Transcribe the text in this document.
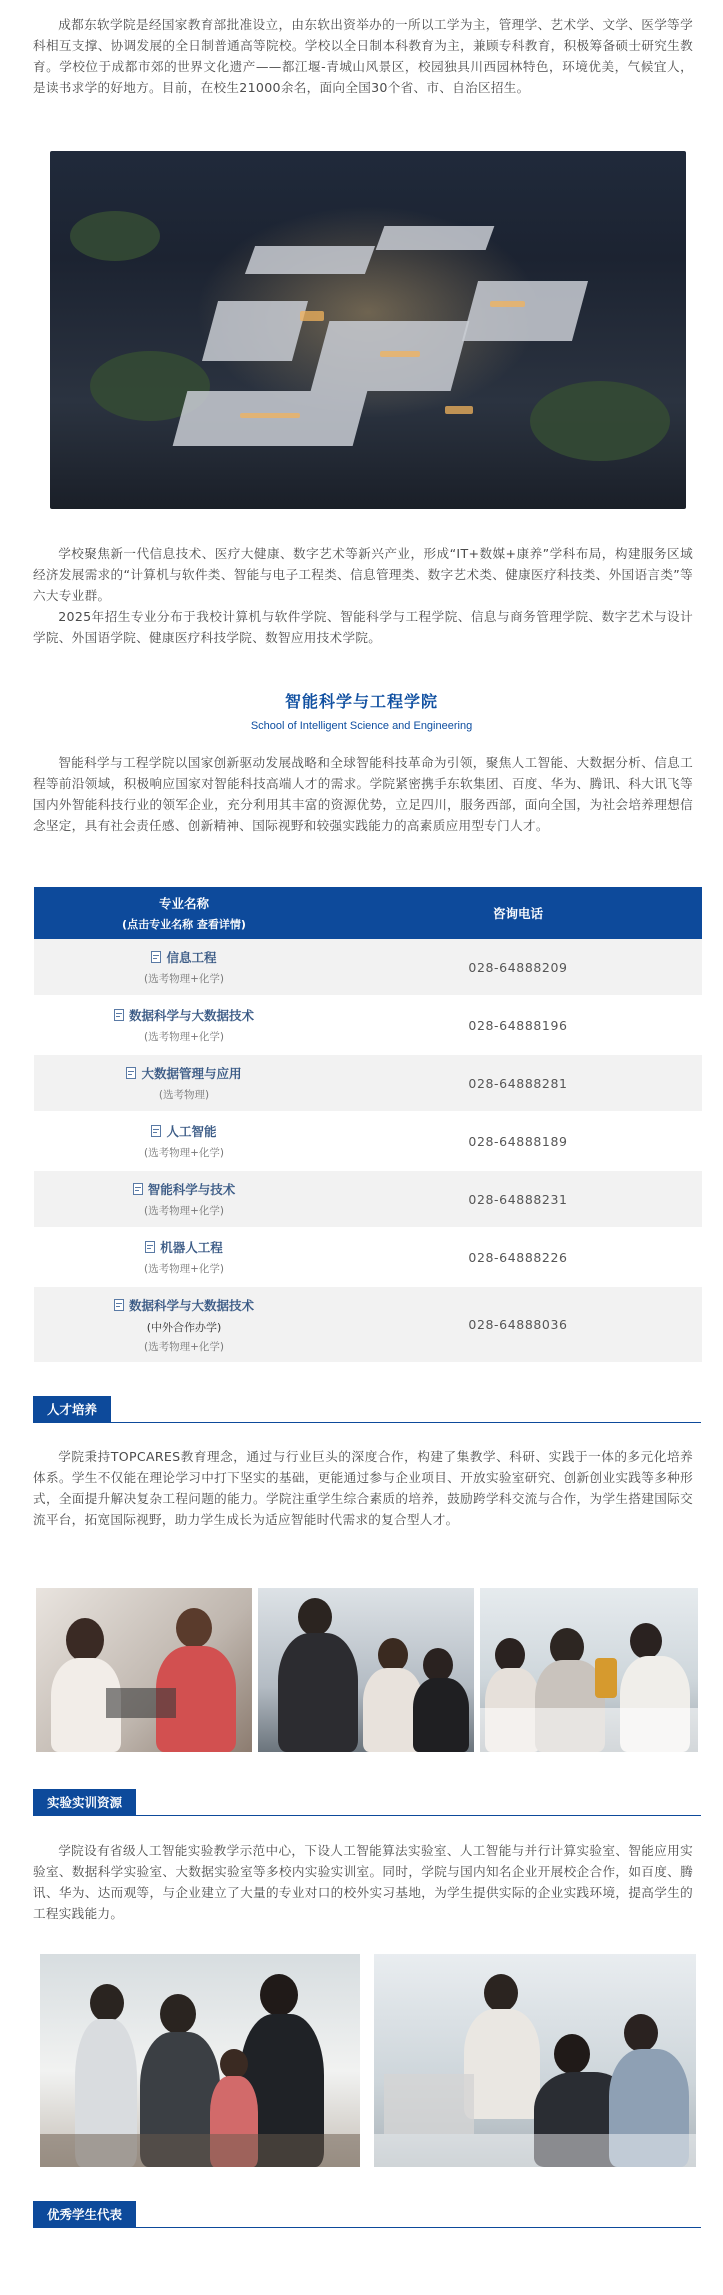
成都东软学院是经国家教育部批准设立，由东软出资举办的一所以工学为主，管理学、艺术学、文学、医学等学科相互支撑、协调发展的全日制普通高等院校。学校以全日制本科教育为主，兼顾专科教育，积极筹备硕士研究生教育。学校位于成都市郊的世界文化遗产——都江堰-青城山风景区，校园独具川西园林特色，环境优美，气候宜人，是读书求学的好地方。目前，在校生21000余名，面向全国30个省、市、自治区招生。

学校聚焦新一代信息技术、医疗大健康、数字艺术等新兴产业，形成“IT+数媒+康养”学科布局，构建服务区域经济发展需求的“计算机与软件类、智能与电子工程类、信息管理类、数字艺术类、健康医疗科技类、外国语言类”等六大专业群。

2025年招生专业分布于我校计算机与软件学院、智能科学与工程学院、信息与商务管理学院、数字艺术与设计学院、外国语学院、健康医疗科技学院、数智应用技术学院。

智能科学与工程学院
School of Intelligent Science and Engineering

智能科学与工程学院以国家创新驱动发展战略和全球智能科技革命为引领，聚焦人工智能、大数据分析、信息工程等前沿领域，积极响应国家对智能科技高端人才的需求。学院紧密携手东软集团、百度、华为、腾讯、科大讯飞等国内外智能科技行业的领军企业，充分利用其丰富的资源优势，立足四川，服务西部，面向全国，为社会培养理想信念坚定，具有社会责任感、创新精神、国际视野和较强实践能力的高素质应用型专门人才。

专业名称
(点击专业名称 查看详情)	咨询电话

信息工程
(选考物理+化学)	028-64888209

数据科学与大数据技术
(选考物理+化学)	028-64888196

大数据管理与应用
(选考物理)	028-64888281

人工智能
(选考物理+化学)	028-64888189

智能科学与技术
(选考物理+化学)	028-64888231

机器人工程
(选考物理+化学)	028-64888226

数据科学与大数据技术
(中外合作办学)
(选考物理+化学)	028-64888036
人才培养

学院秉持TOPCARES教育理念，通过与行业巨头的深度合作，构建了集教学、科研、实践于一体的多元化培养体系。学生不仅能在理论学习中打下坚实的基础，更能通过参与企业项目、开放实验室研究、创新创业实践等多种形式，全面提升解决复杂工程问题的能力。学院注重学生综合素质的培养，鼓励跨学科交流与合作，为学生搭建国际交流平台，拓宽国际视野，助力学生成长为适应智能时代需求的复合型人才。

实验实训资源

学院设有省级人工智能实验教学示范中心，下设人工智能算法实验室、人工智能与并行计算实验室、智能应用实验室、数据科学实验室、大数据实验室等多校内实验实训室。同时，学院与国内知名企业开展校企合作，如百度、腾讯、华为、达而观等，与企业建立了大量的专业对口的校外实习基地，为学生提供实际的企业实践环境，提高学生的工程实践能力。

优秀学生代表
